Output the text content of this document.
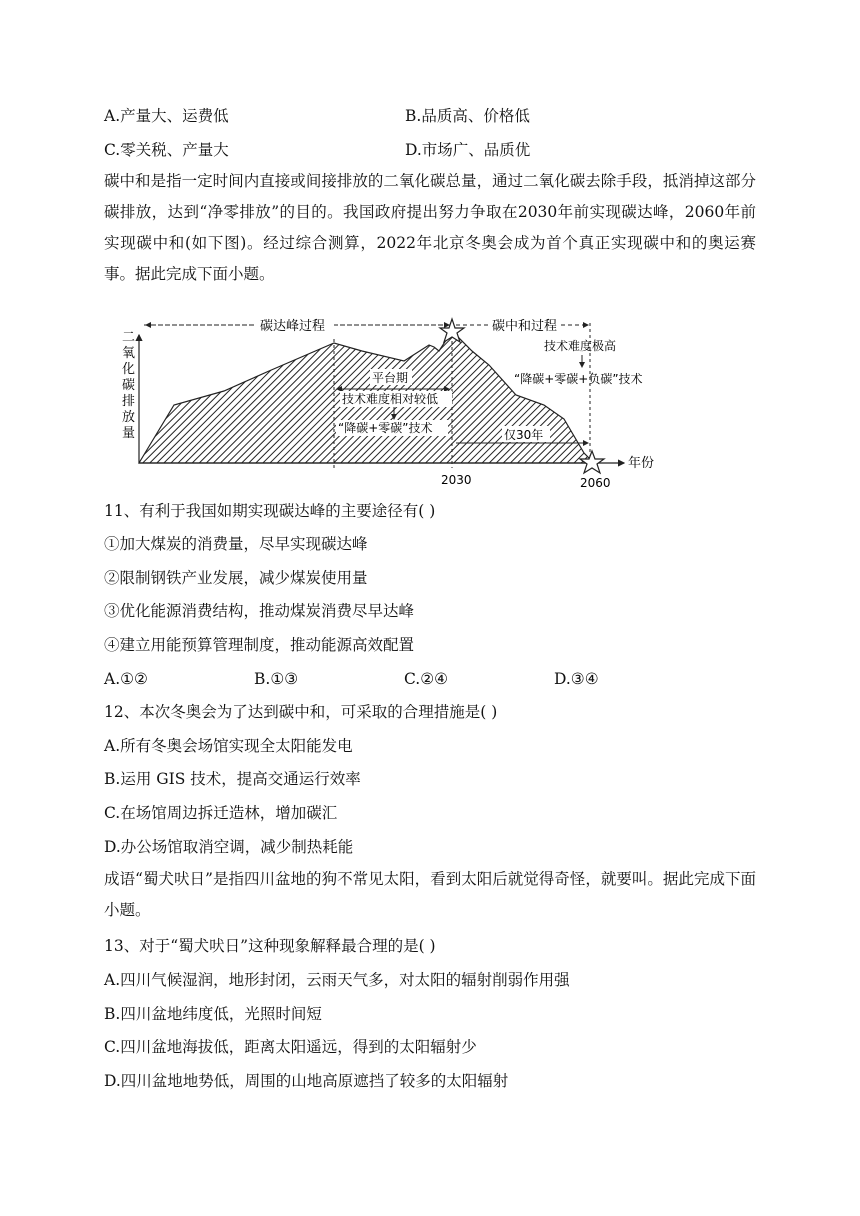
A.产量大、运费低	B.品质高、价格低
C.零关税、产量大	D.市场广、品质优
碳中和是指一定时间内直接或间接排放的二氧化碳总量，通过二氧化碳去除手段，抵消掉这部分碳排放，达到“净零排放”的目的。我国政府提出努力争取在2030年前实现碳达峰，2060年前实现碳中和(如下图)。经过综合测算，2022年北京冬奥会成为首个真正实现碳中和的奥运赛事。据此完成下面小题。
二氧化碳排放量
碳达峰过程	碳中和过程
技术难度极高
“降碳+零碳+负碳”技术
平台期
技术难度相对较低
“降碳+零碳”技术	仅30年
2030	2060
年份
11、有利于我国如期实现碳达峰的主要途径有( )
①加大煤炭的消费量，尽早实现碳达峰
②限制钢铁产业发展，减少煤炭使用量
③优化能源消费结构，推动煤炭消费尽早达峰
④建立用能预算管理制度，推动能源高效配置
A.①②	B.①③	C.②④	D.③④
12、本次冬奥会为了达到碳中和，可采取的合理措施是( )
A.所有冬奥会场馆实现全太阳能发电
B.运用 GIS 技术，提高交通运行效率
C.在场馆周边拆迁造林，增加碳汇
D.办公场馆取消空调，减少制热耗能
成语“蜀犬吠日”是指四川盆地的狗不常见太阳，看到太阳后就觉得奇怪，就要叫。据此完成下面小题。
13、对于“蜀犬吠日”这种现象解释最合理的是( )
A.四川气候湿润，地形封闭，云雨天气多，对太阳的辐射削弱作用强
B.四川盆地纬度低，光照时间短
C.四川盆地海拔低，距离太阳遥远，得到的太阳辐射少
D.四川盆地地势低，周围的山地高原遮挡了较多的太阳辐射
